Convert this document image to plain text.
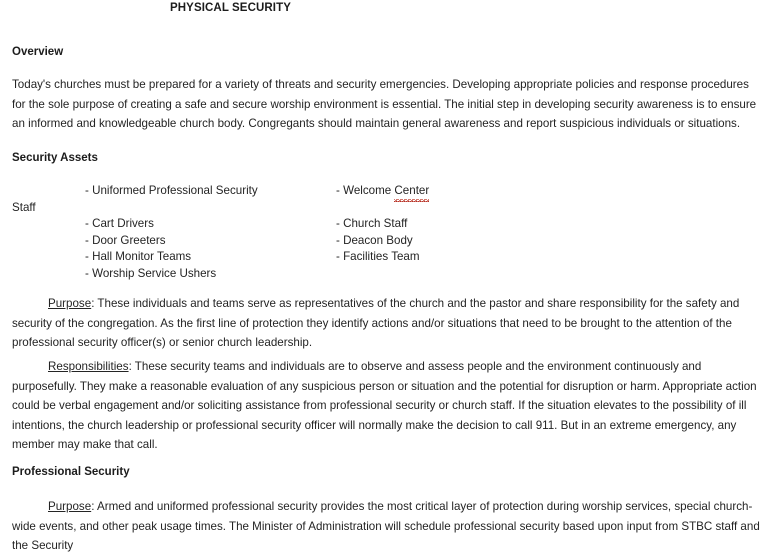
PHYSICAL SECURITY
Overview
Today's churches must be prepared for a variety of threats and security emergencies. Developing appropriate policies and response procedures for the sole purpose of creating a safe and secure worship environment is essential. The initial step in developing security awareness is to ensure an informed and knowledgeable church body. Congregants should maintain general awareness and report suspicious individuals or situations.
Security Assets
Staff
- Uniformed Professional Security
- Cart Drivers
- Door Greeters
- Hall Monitor Teams
- Worship Service Ushers
- Welcome Center
- Church Staff
- Deacon Body
- Facilities Team
Purpose: These individuals and teams serve as representatives of the church and the pastor and share responsibility for the safety and security of the congregation. As the first line of protection they identify actions and/or situations that need to be brought to the attention of the professional security officer(s) or senior church leadership.
Responsibilities: These security teams and individuals are to observe and assess people and the environment continuously and purposefully. They make a reasonable evaluation of any suspicious person or situation and the potential for disruption or harm. Appropriate action could be verbal engagement and/or soliciting assistance from professional security or church staff. If the situation elevates to the possibility of ill intentions, the church leadership or professional security officer will normally make the decision to call 911. But in an extreme emergency, any member may make that call.
Professional Security
Purpose: Armed and uniformed professional security provides the most critical layer of protection during worship services, special church-wide events, and other peak usage times. The Minister of Administration will schedule professional security based upon input from STBC staff and the Security
